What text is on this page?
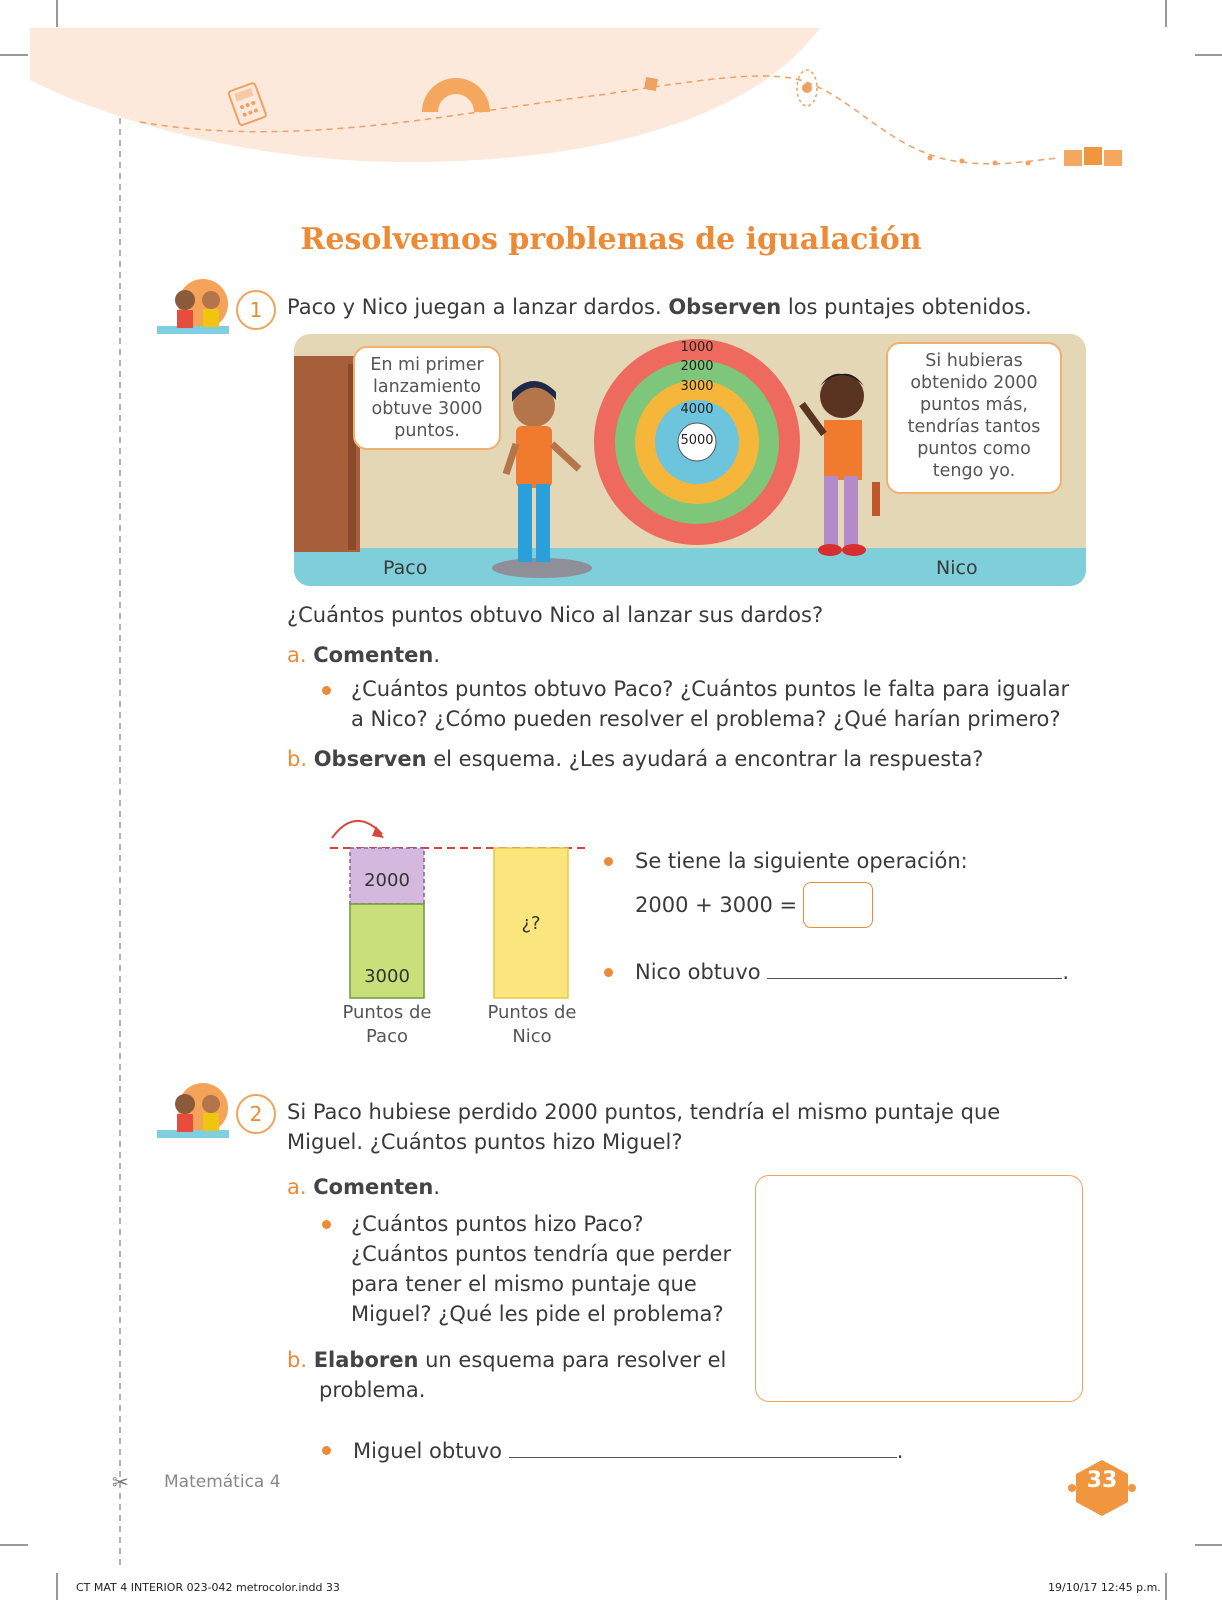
Resolvemos problemas de igualación
1	Paco y Nico juegan a lanzar dardos. Observen los puntajes obtenidos.
1000
2000
3000
4000
5000
En mi primer
lanzamiento
obtuve 3000
puntos.
Si hubieras
obtenido 2000
puntos más,
tendrías tantos
puntos como
tengo yo.
Paco	Nico
¿Cuántos puntos obtuvo Nico al lanzar sus dardos?
a. Comenten.
¿Cuántos puntos obtuvo Paco? ¿Cuántos puntos le falta para igualar
a Nico? ¿Cómo pueden resolver el problema? ¿Qué harían primero?
b. Observen el esquema. ¿Les ayudará a encontrar la respuesta?
2000
3000
¿?
Puntos de
Paco
Puntos de
Nico
Se tiene la siguiente operación:
2000 + 3000 =
Nico obtuvo	.
2	Si Paco hubiese perdido 2000 puntos, tendría el mismo puntaje que
Miguel. ¿Cuántos puntos hizo Miguel?
a. Comenten.
¿Cuántos puntos hizo Paco?
¿Cuántos puntos tendría que perder
para tener el mismo puntaje que
Miguel? ¿Qué les pide el problema?
b. Elaboren un esquema para resolver el
problema.
Miguel obtuvo	.
✂ Matemática 4	33
CT MAT 4 INTERIOR 023-042 metrocolor.indd 33	19/10/17 12:45 p.m.
